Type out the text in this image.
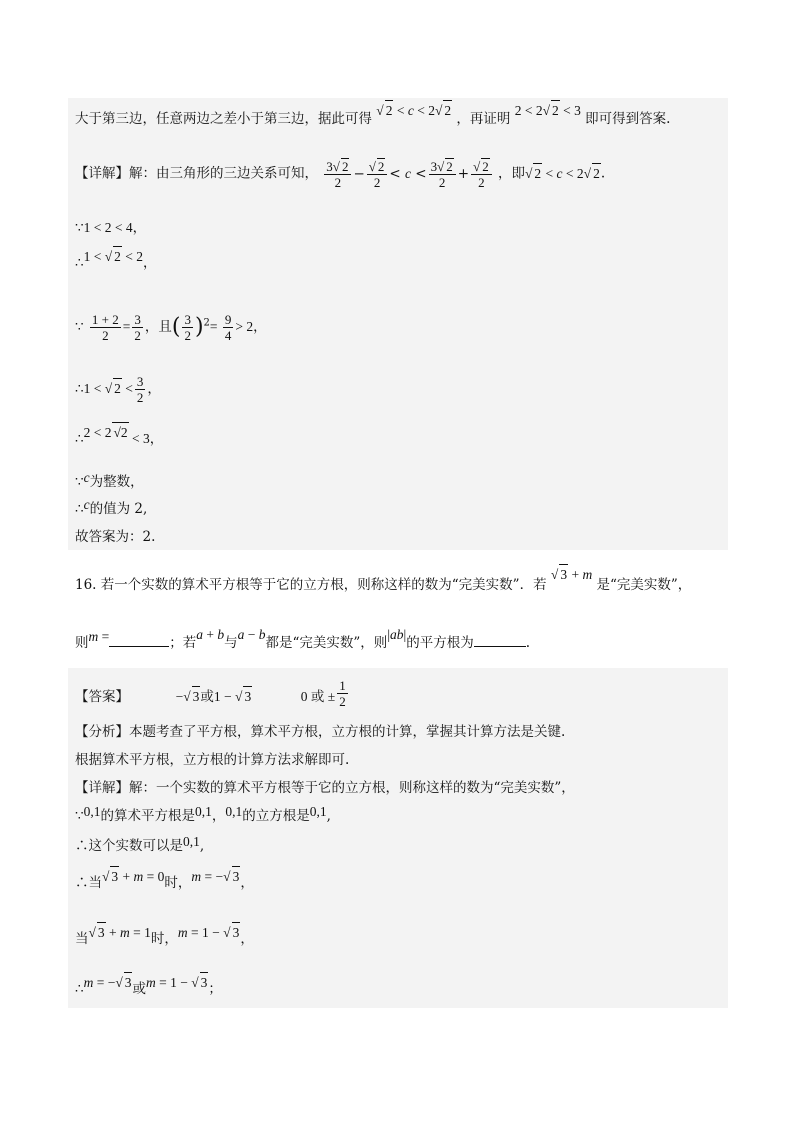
大于第三边，任意两边之差小于第三边，据此可得 √ 2 < c < 2√ 2 ，再证明 2 < 2√ 2 < 3 即可得到答案.
【详解】解：由三角形的三边关系可知， $\frac{3√ 2}{2} - \frac{√ 2}{2} < c < \frac{3√ 2}{2} + \frac{√ 2}{2}$ ，即√ 2 < c < 2√ 2.
∵1 < 2 < 4，
∴1 < √ 2 < 2，
∵ $\frac{1 + 2}{2} = \frac{3}{2}$ ，且( $\frac{3}{2} )^2= \frac{9}{4} > 2$，
∴1 < √ $2 < \frac{3}{2}$ ，
∴2 < 2 √2 < 3，
∵c为整数，
∴c的值为 2,
故答案为：2.
16. 若一个实数的算术平方根等于它的立方根，则称这样的数为“完美实数”．若 √ 3 + m 是“完美实数”，
则m =	；若a + b与a − b都是“完美实数”，则|ab|的平方根为	.
【答案】	−√ 3或1 − √ 3	0 或 ± $\frac{1}{2}$
【分析】本题考查了平方根，算术平方根，立方根的计算，掌握其计算方法是关键.
根据算术平方根，立方根的计算方法求解即可.
【详解】解：一个实数的算术平方根等于它的立方根，则称这样的数为“完美实数”，
∵0,1的算术平方根是0,1，0,1的立方根是0,1,
∴这个实数可以是0,1,
∴当√ 3 + m = 0时，m = −√ 3，
当√ 3 + m = 1时，m = 1 − √ 3，
∴m = −√ 3或m = 1 − √ 3；
